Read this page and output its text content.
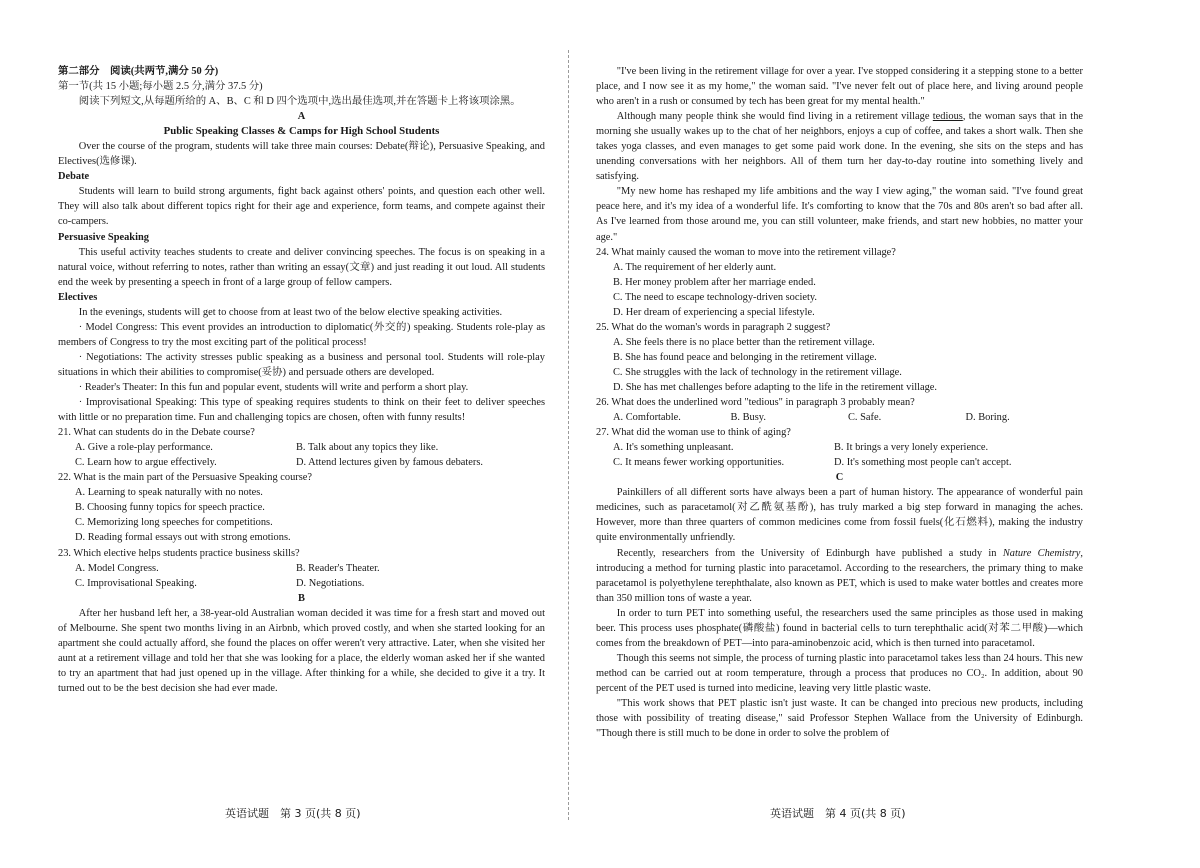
第二部分　阅读(共两节,满分 50 分)

第一节(共 15 小题;每小题 2.5 分,满分 37.5 分)

阅读下列短文,从每题所给的 A、B、C 和 D 四个选项中,选出最佳选项,并在答题卡上将该项涂黑。

A

Public Speaking Classes & Camps for High School Students

Over the course of the program, students will take three main courses: Debate(辩论), Persuasive Speaking, and Electives(选修课).

Debate

Students will learn to build strong arguments, fight back against others' points, and question each other well. They will also talk about different topics right for their age and experience, form teams, and compete against their co-campers.

Persuasive Speaking

This useful activity teaches students to create and deliver convincing speeches. The focus is on speaking in a natural voice, without referring to notes, rather than writing an essay(文章) and just reading it out loud. All students end the week by presenting a speech in front of a large group of fellow campers.

Electives

In the evenings, students will get to choose from at least two of the below elective speaking activities.

· Model Congress: This event provides an introduction to diplomatic(外交的) speaking. Students role-play as members of Congress to try the most exciting part of the political process!

· Negotiations: The activity stresses public speaking as a business and personal tool. Students will role-play situations in which their abilities to compromise(妥协) and persuade others are developed.

· Reader's Theater: In this fun and popular event, students will write and perform a short play.

· Improvisational Speaking: This type of speaking requires students to think on their feet to deliver speeches with little or no preparation time. Fun and challenging topics are chosen, often with funny results!

21. What can students do in the Debate course?

A. Give a role-play performance.	B. Talk about any topics they like.
C. Learn how to argue effectively.	D. Attend lectures given by famous debaters.

22. What is the main part of the Persuasive Speaking course?

A. Learning to speak naturally with no notes.

B. Choosing funny topics for speech practice.

C. Memorizing long speeches for competitions.

D. Reading formal essays out with strong emotions.

23. Which elective helps students practice business skills?

A. Model Congress.	B. Reader's Theater.
C. Improvisational Speaking.	D. Negotiations.

B

After her husband left her, a 38-year-old Australian woman decided it was time for a fresh start and moved out of Melbourne. She spent two months living in an Airbnb, which proved costly, and when she started looking for an apartment she could actually afford, she found the places on offer weren't very attractive. Later, when she visited her aunt at a retirement village and told her that she was looking for a place, the elderly woman asked her if she wanted to try an apartment that had just opened up in the village. After thinking for a while, she decided to give it a try. It turned out to be the best decision she had ever made.

"I've been living in the retirement village for over a year. I've stopped considering it a stepping stone to a better place, and I now see it as my home," the woman said. "I've never felt out of place here, and living around people who aren't in a rush or consumed by tech has been great for my mental health."

Although many people think she would find living in a retirement village tedious, the woman says that in the morning she usually wakes up to the chat of her neighbors, enjoys a cup of coffee, and takes a short walk. Then she takes yoga classes, and even manages to get some paid work done. In the evening, she sits on the steps and has unending conversations with her neighbors. All of them turn her day-to-day routine into something lively and satisfying.

"My new home has reshaped my life ambitions and the way I view aging," the woman said. "I've found great peace here, and it's my idea of a wonderful life. It's comforting to know that the 70s and 80s aren't so bad after all. As I've learned from those around me, you can still volunteer, make friends, and start new hobbies, no matter your age."

24. What mainly caused the woman to move into the retirement village?

A. The requirement of her elderly aunt.

B. Her money problem after her marriage ended.

C. The need to escape technology-driven society.

D. Her dream of experiencing a special lifestyle.

25. What do the woman's words in paragraph 2 suggest?

A. She feels there is no place better than the retirement village.

B. She has found peace and belonging in the retirement village.

C. She struggles with the lack of technology in the retirement village.

D. She has met challenges before adapting to the life in the retirement village.

26. What does the underlined word "tedious" in paragraph 3 probably mean?

A. Comfortable.	B. Busy.	C. Safe.	D. Boring.

27. What did the woman use to think of aging?

A. It's something unpleasant.	B. It brings a very lonely experience.
C. It means fewer working opportunities.	D. It's something most people can't accept.

C

Painkillers of all different sorts have always been a part of human history. The appearance of wonderful pain medicines, such as paracetamol(对乙酰氨基酚), has truly marked a big step forward in managing the aches. However, more than three quarters of common medicines come from fossil fuels(化石燃料), making the industry quite environmentally unfriendly.

Recently, researchers from the University of Edinburgh have published a study in Nature Chemistry, introducing a method for turning plastic into paracetamol. According to the researchers, the primary thing to make paracetamol is polyethylene terephthalate, also known as PET, which is used to make water bottles and creates more than 350 million tons of waste a year.

In order to turn PET into something useful, the researchers used the same principles as those used in making beer. This process uses phosphate(磷酸盐) found in bacterial cells to turn terephthalic acid(对苯二甲酸)—which comes from the breakdown of PET—into para-aminobenzoic acid, which is then turned into paracetamol.

Though this seems not simple, the process of turning plastic into paracetamol takes less than 24 hours. This new method can be carried out at room temperature, through a process that produces no CO₂. In addition, about 90 percent of the PET used is turned into medicine, leaving very little plastic waste.

"This work shows that PET plastic isn't just waste. It can be changed into precious new products, including those with possibility of treating disease," said Professor Stephen Wallace from the University of Edinburgh. "Though there is still much to be done in order to solve the problem of

英语试题　第 3 页(共 8 页)	英语试题　第 4 页(共 8 页)
